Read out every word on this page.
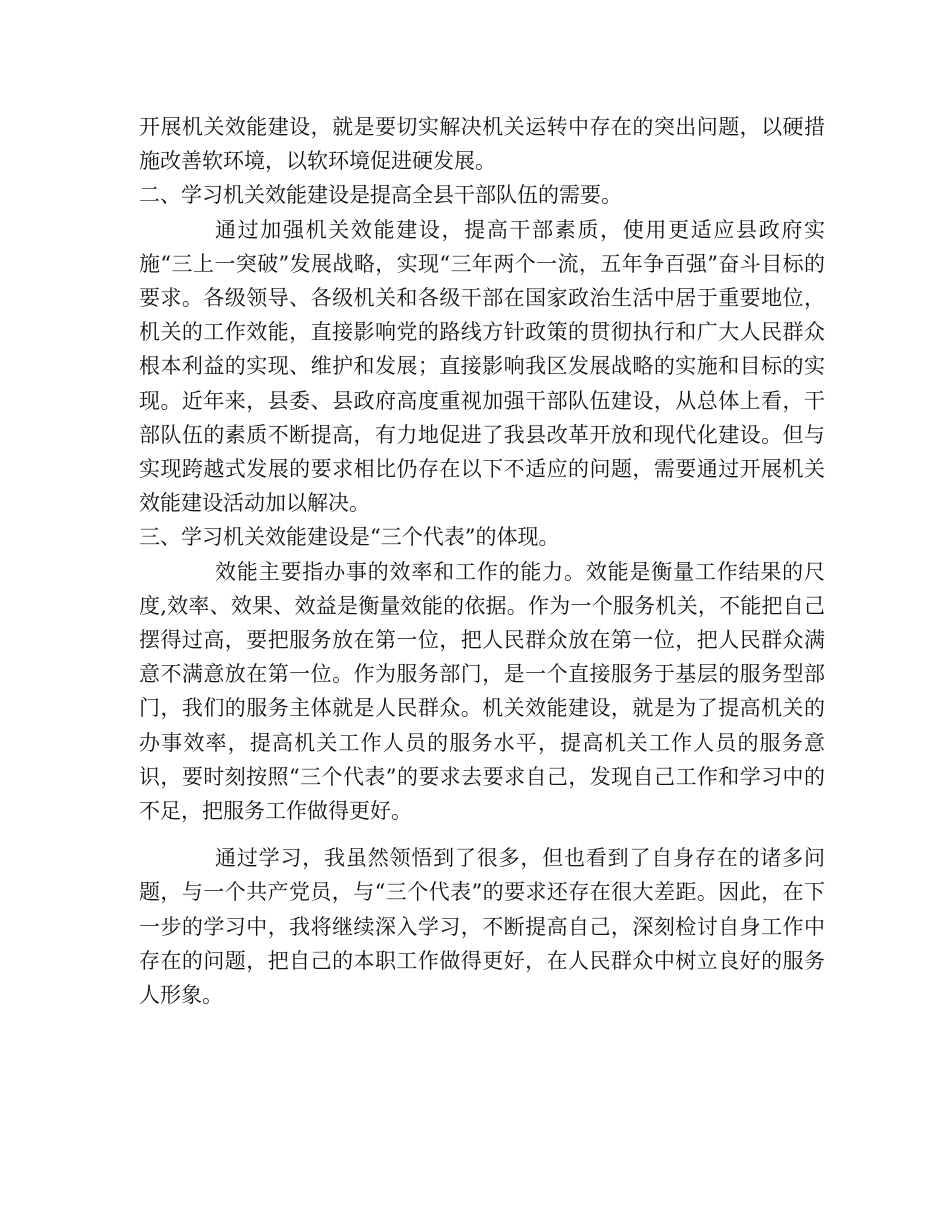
开展机关效能建设，就是要切实解决机关运转中存在的突出问题，以硬措施改善软环境，以软环境促进硬发展。

二、学习机关效能建设是提高全县干部队伍的需要。

通过加强机关效能建设，提高干部素质，使用更适应县政府实施“三上一突破”发展战略，实现“三年两个一流，五年争百强”奋斗目标的要求。各级领导、各级机关和各级干部在国家政治生活中居于重要地位，机关的工作效能，直接影响党的路线方针政策的贯彻执行和广大人民群众根本利益的实现、维护和发展；直接影响我区发展战略的实施和目标的实现。近年来，县委、县政府高度重视加强干部队伍建设，从总体上看，干部队伍的素质不断提高，有力地促进了我县改革开放和现代化建设。但与实现跨越式发展的要求相比仍存在以下不适应的问题，需要通过开展机关效能建设活动加以解决。

三、学习机关效能建设是“三个代表”的体现。

效能主要指办事的效率和工作的能力。效能是衡量工作结果的尺度,效率、效果、效益是衡量效能的依据。作为一个服务机关，不能把自己摆得过高，要把服务放在第一位，把人民群众放在第一位，把人民群众满意不满意放在第一位。作为服务部门，是一个直接服务于基层的服务型部门，我们的服务主体就是人民群众。机关效能建设，就是为了提高机关的办事效率，提高机关工作人员的服务水平，提高机关工作人员的服务意识，要时刻按照“三个代表”的要求去要求自己，发现自己工作和学习中的不足，把服务工作做得更好。

通过学习，我虽然领悟到了很多，但也看到了自身存在的诸多问题，与一个共产党员，与“三个代表”的要求还存在很大差距。因此，在下一步的学习中，我将继续深入学习，不断提高自己，深刻检讨自身工作中存在的问题，把自己的本职工作做得更好，在人民群众中树立良好的服务人形象。
